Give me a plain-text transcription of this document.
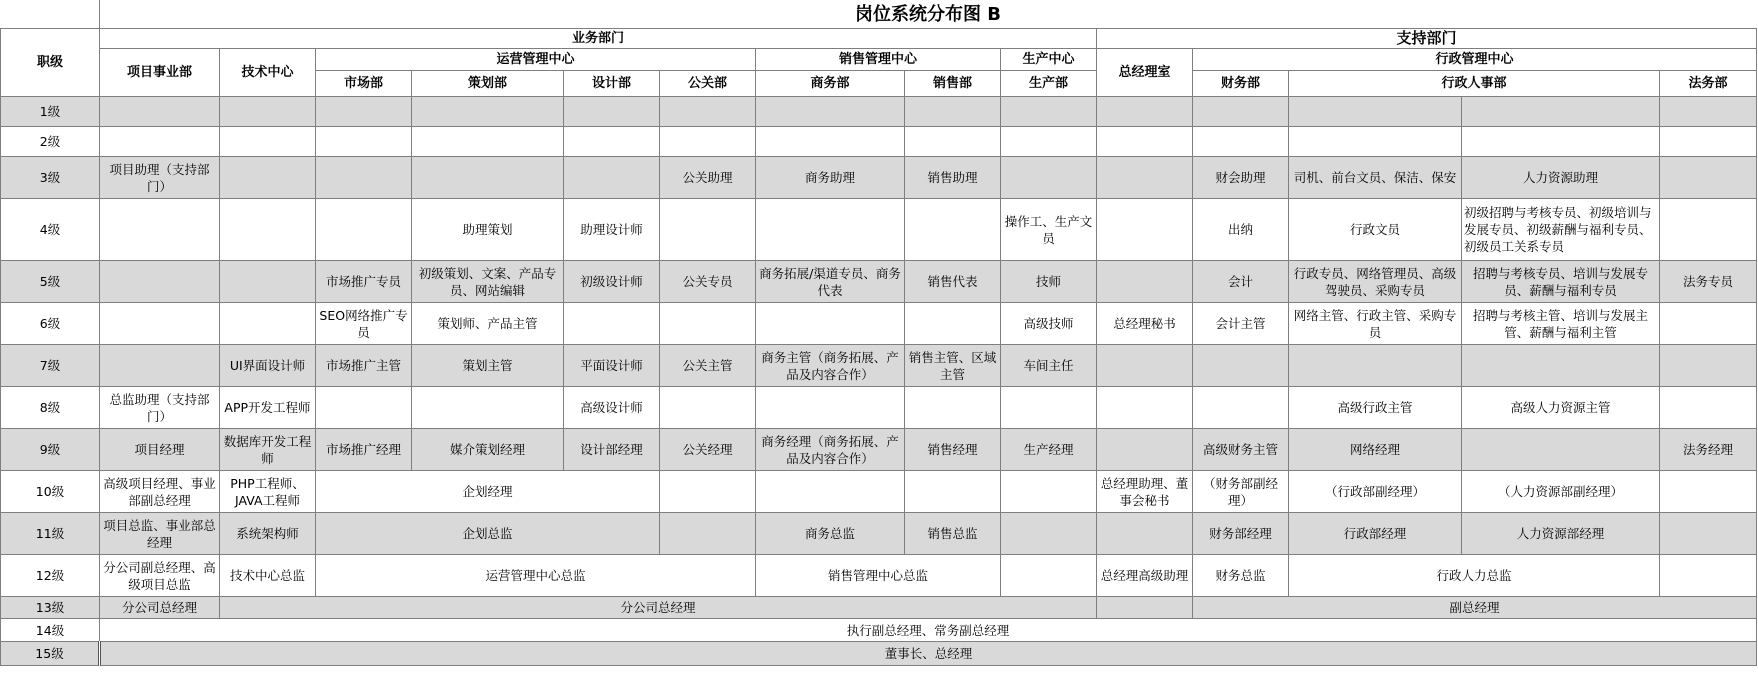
	岗位系统分布图 B													
职级	业务部门									支持部门				
	项目事业部	技术中心	运营管理中心				销售管理中心		生产中心	总经理室	行政管理中心			
			市场部	策划部	设计部	公关部	商务部	销售部	生产部		财务部	行政人事部		法务部
1级														
2级														
3级	项目助理（支持部门）					公关助理	商务助理	销售助理			财会助理	司机、前台文员、保洁、保安	人力资源助理	
4级				助理策划	助理设计师				操作工、生产文员		出纳	行政文员	初级招聘与考核专员、初级培训与发展专员、初级薪酬与福利专员、初级员工关系专员	
5级			市场推广专员	初级策划、文案、产品专员、网站编辑	初级设计师	公关专员	商务拓展/渠道专员、商务代表	销售代表	技师		会计	行政专员、网络管理员、高级驾驶员、采购专员	招聘与考核专员、培训与发展专员、薪酬与福利专员	法务专员
6级			SEO网络推广专员	策划师、产品主管					高级技师	总经理秘书	会计主管	网络主管、行政主管、采购专员	招聘与考核主管、培训与发展主管、薪酬与福利主管	
7级		UI界面设计师	市场推广主管	策划主管	平面设计师	公关主管	商务主管（商务拓展、产品及内容合作）	销售主管、区域主管	车间主任					
8级	总监助理（支持部门）	APP开发工程师			高级设计师							高级行政主管	高级人力资源主管	
9级	项目经理	数据库开发工程师	市场推广经理	媒介策划经理	设计部经理	公关经理	商务经理（商务拓展、产品及内容合作）	销售经理	生产经理		高级财务主管	网络经理		法务经理
10级	高级项目经理、事业部副总经理	PHP工程师、JAVA工程师	企划经理							总经理助理、董事会秘书	（财务部副经理）	（行政部副经理）	（人力资源部副经理）	
11级	项目总监、事业部总经理	系统架构师	企划总监				商务总监	销售总监			财务部经理	行政部经理	人力资源部经理	
12级	分公司副总经理、高级项目总监	技术中心总监	运营管理中心总监				销售管理中心总监			总经理高级助理	财务总监	行政人力总监		
13级	分公司总经理	分公司总经理									副总经理			
14级	执行副总经理、常务副总经理													
15级	董事长、总经理													
